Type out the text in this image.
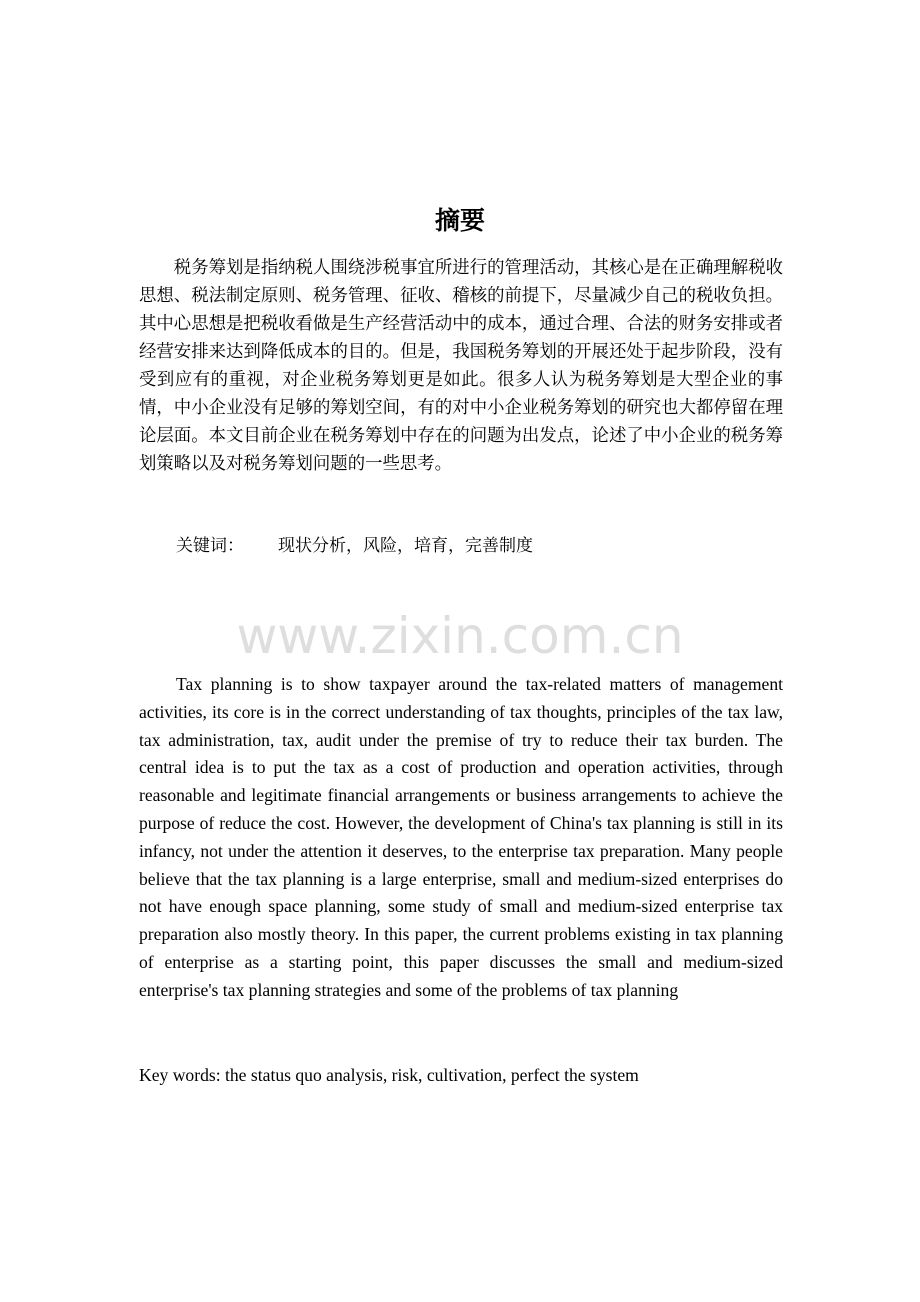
摘要

税务筹划是指纳税人围绕涉税事宜所进行的管理活动，其核心是在正确理解税收思想、税法制定原则、税务管理、征收、稽核的前提下，尽量减少自己的税收负担。其中心思想是把税收看做是生产经营活动中的成本，通过合理、合法的财务安排或者经营安排来达到降低成本的目的。但是，我国税务筹划的开展还处于起步阶段，没有受到应有的重视，对企业税务筹划更是如此。很多人认为税务筹划是大型企业的事情，中小企业没有足够的筹划空间，有的对中小企业税务筹划的研究也大都停留在理论层面。本文目前企业在税务筹划中存在的问题为出发点，论述了中小企业的税务筹划策略以及对税务筹划问题的一些思考。

关键词： 现状分析，风险，培育，完善制度
www.zixin.com.cn

Tax planning is to show taxpayer around the tax-related matters of management activities, its core is in the correct understanding of tax thoughts, principles of the tax law, tax administration, tax, audit under the premise of try to reduce their tax burden. The central idea is to put the tax as a cost of production and operation activities, through reasonable and legitimate financial arrangements or business arrangements to achieve the purpose of reduce the cost. However, the development of China's tax planning is still in its infancy, not under the attention it deserves, to the enterprise tax preparation. Many people believe that the tax planning is a large enterprise, small and medium-sized enterprises do not have enough space planning, some study of small and medium-sized enterprise tax preparation also mostly theory. In this paper, the current problems existing in tax planning of enterprise as a starting point, this paper discusses the small and medium-sized enterprise's tax planning strategies and some of the problems of tax planning

Key words: the status quo analysis, risk, cultivation, perfect the system
